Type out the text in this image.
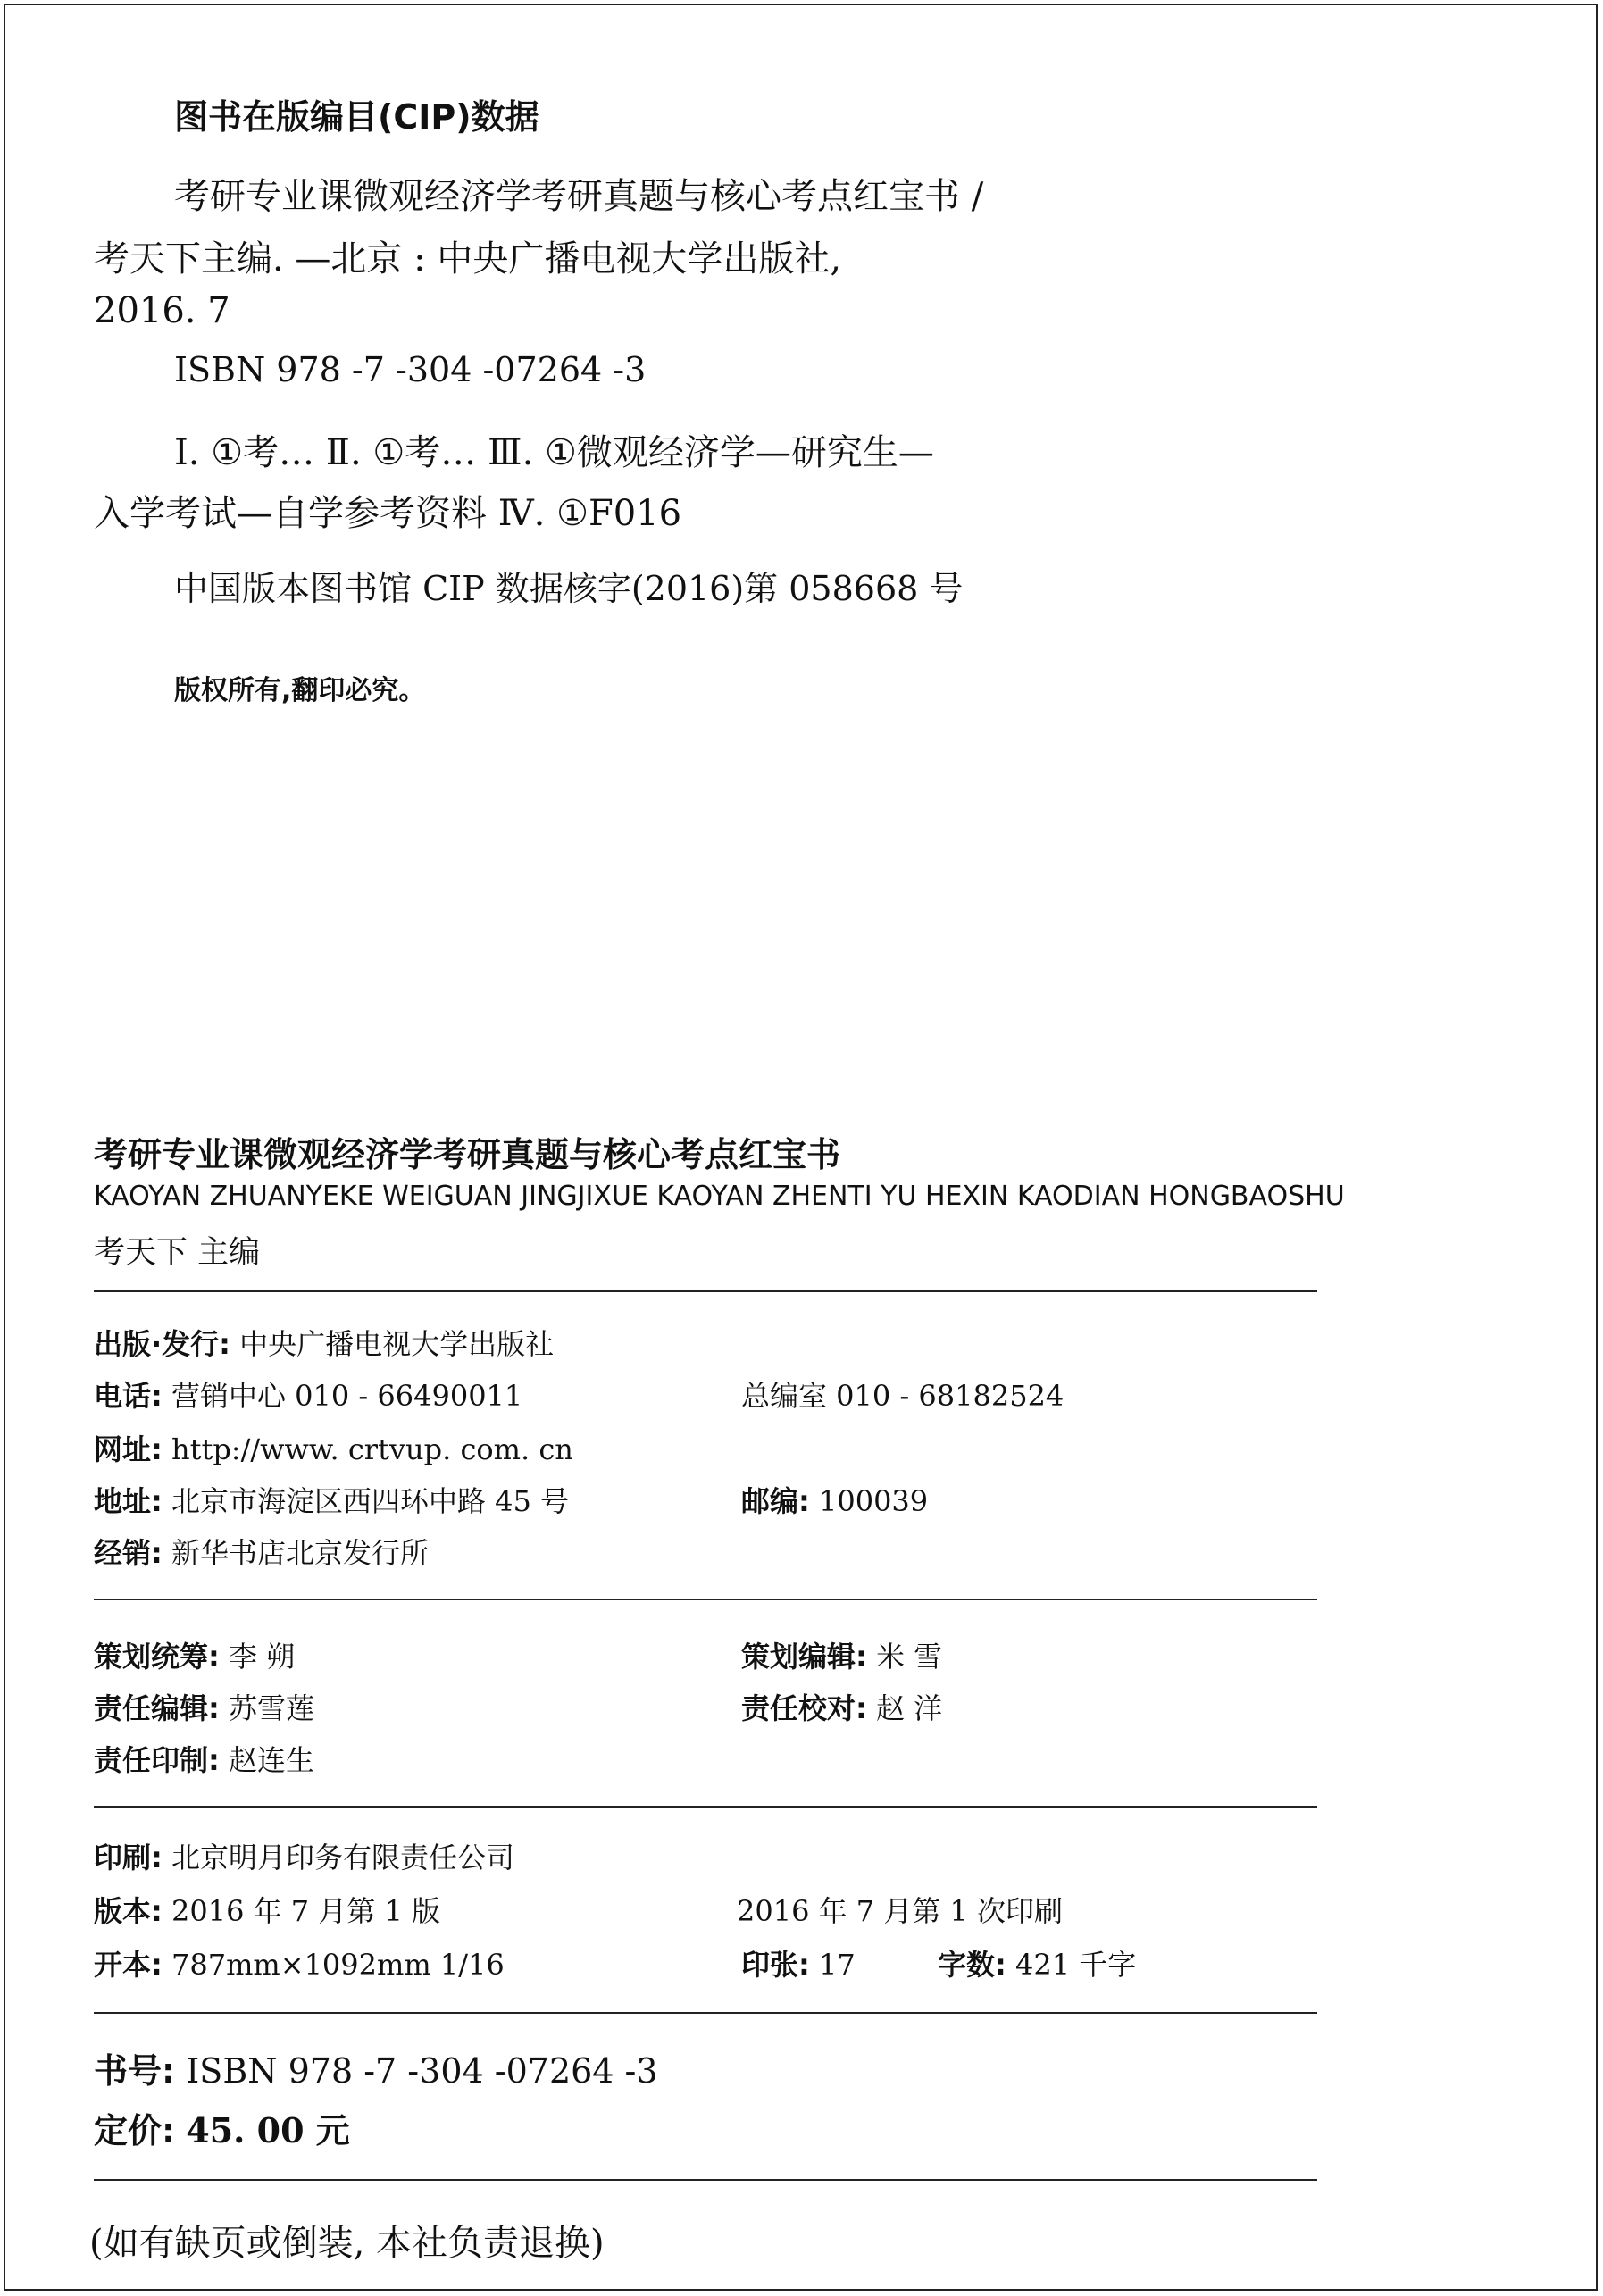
图书在版编目(CIP)数据
考研专业课微观经济学考研真题与核心考点红宝书 /
考天下主编. —北京 : 中央广播电视大学出版社,
2016. 7
ISBN 978 -7 -304 -07264 -3
Ⅰ. ①考… Ⅱ. ①考… Ⅲ. ①微观经济学—研究生—
入学考试—自学参考资料 Ⅳ. ①F016
中国版本图书馆 CIP 数据核字(2016)第 058668 号
版权所有,翻印必究。
考研专业课微观经济学考研真题与核心考点红宝书
KAOYAN ZHUANYEKE WEIGUAN JINGJIXUE KAOYAN ZHENTI YU HEXIN KAODIAN HONGBAOSHU
考天下 主编
出版·发行: 中央广播电视大学出版社
电话: 营销中心 010 - 66490011	总编室 010 - 68182524
网址: http://www. crtvup. com. cn
地址: 北京市海淀区西四环中路 45 号	邮编: 100039
经销: 新华书店北京发行所
策划统筹: 李 朔	策划编辑: 米 雪
责任编辑: 苏雪莲	责任校对: 赵 洋
责任印制: 赵连生
印刷: 北京明月印务有限责任公司
版本: 2016 年 7 月第 1 版	2016 年 7 月第 1 次印刷
开本: 787mm×1092mm 1/16	印张: 17	字数: 421 千字
书号: ISBN 978 -7 -304 -07264 -3
定价: 45. 00 元
(如有缺页或倒装, 本社负责退换)
